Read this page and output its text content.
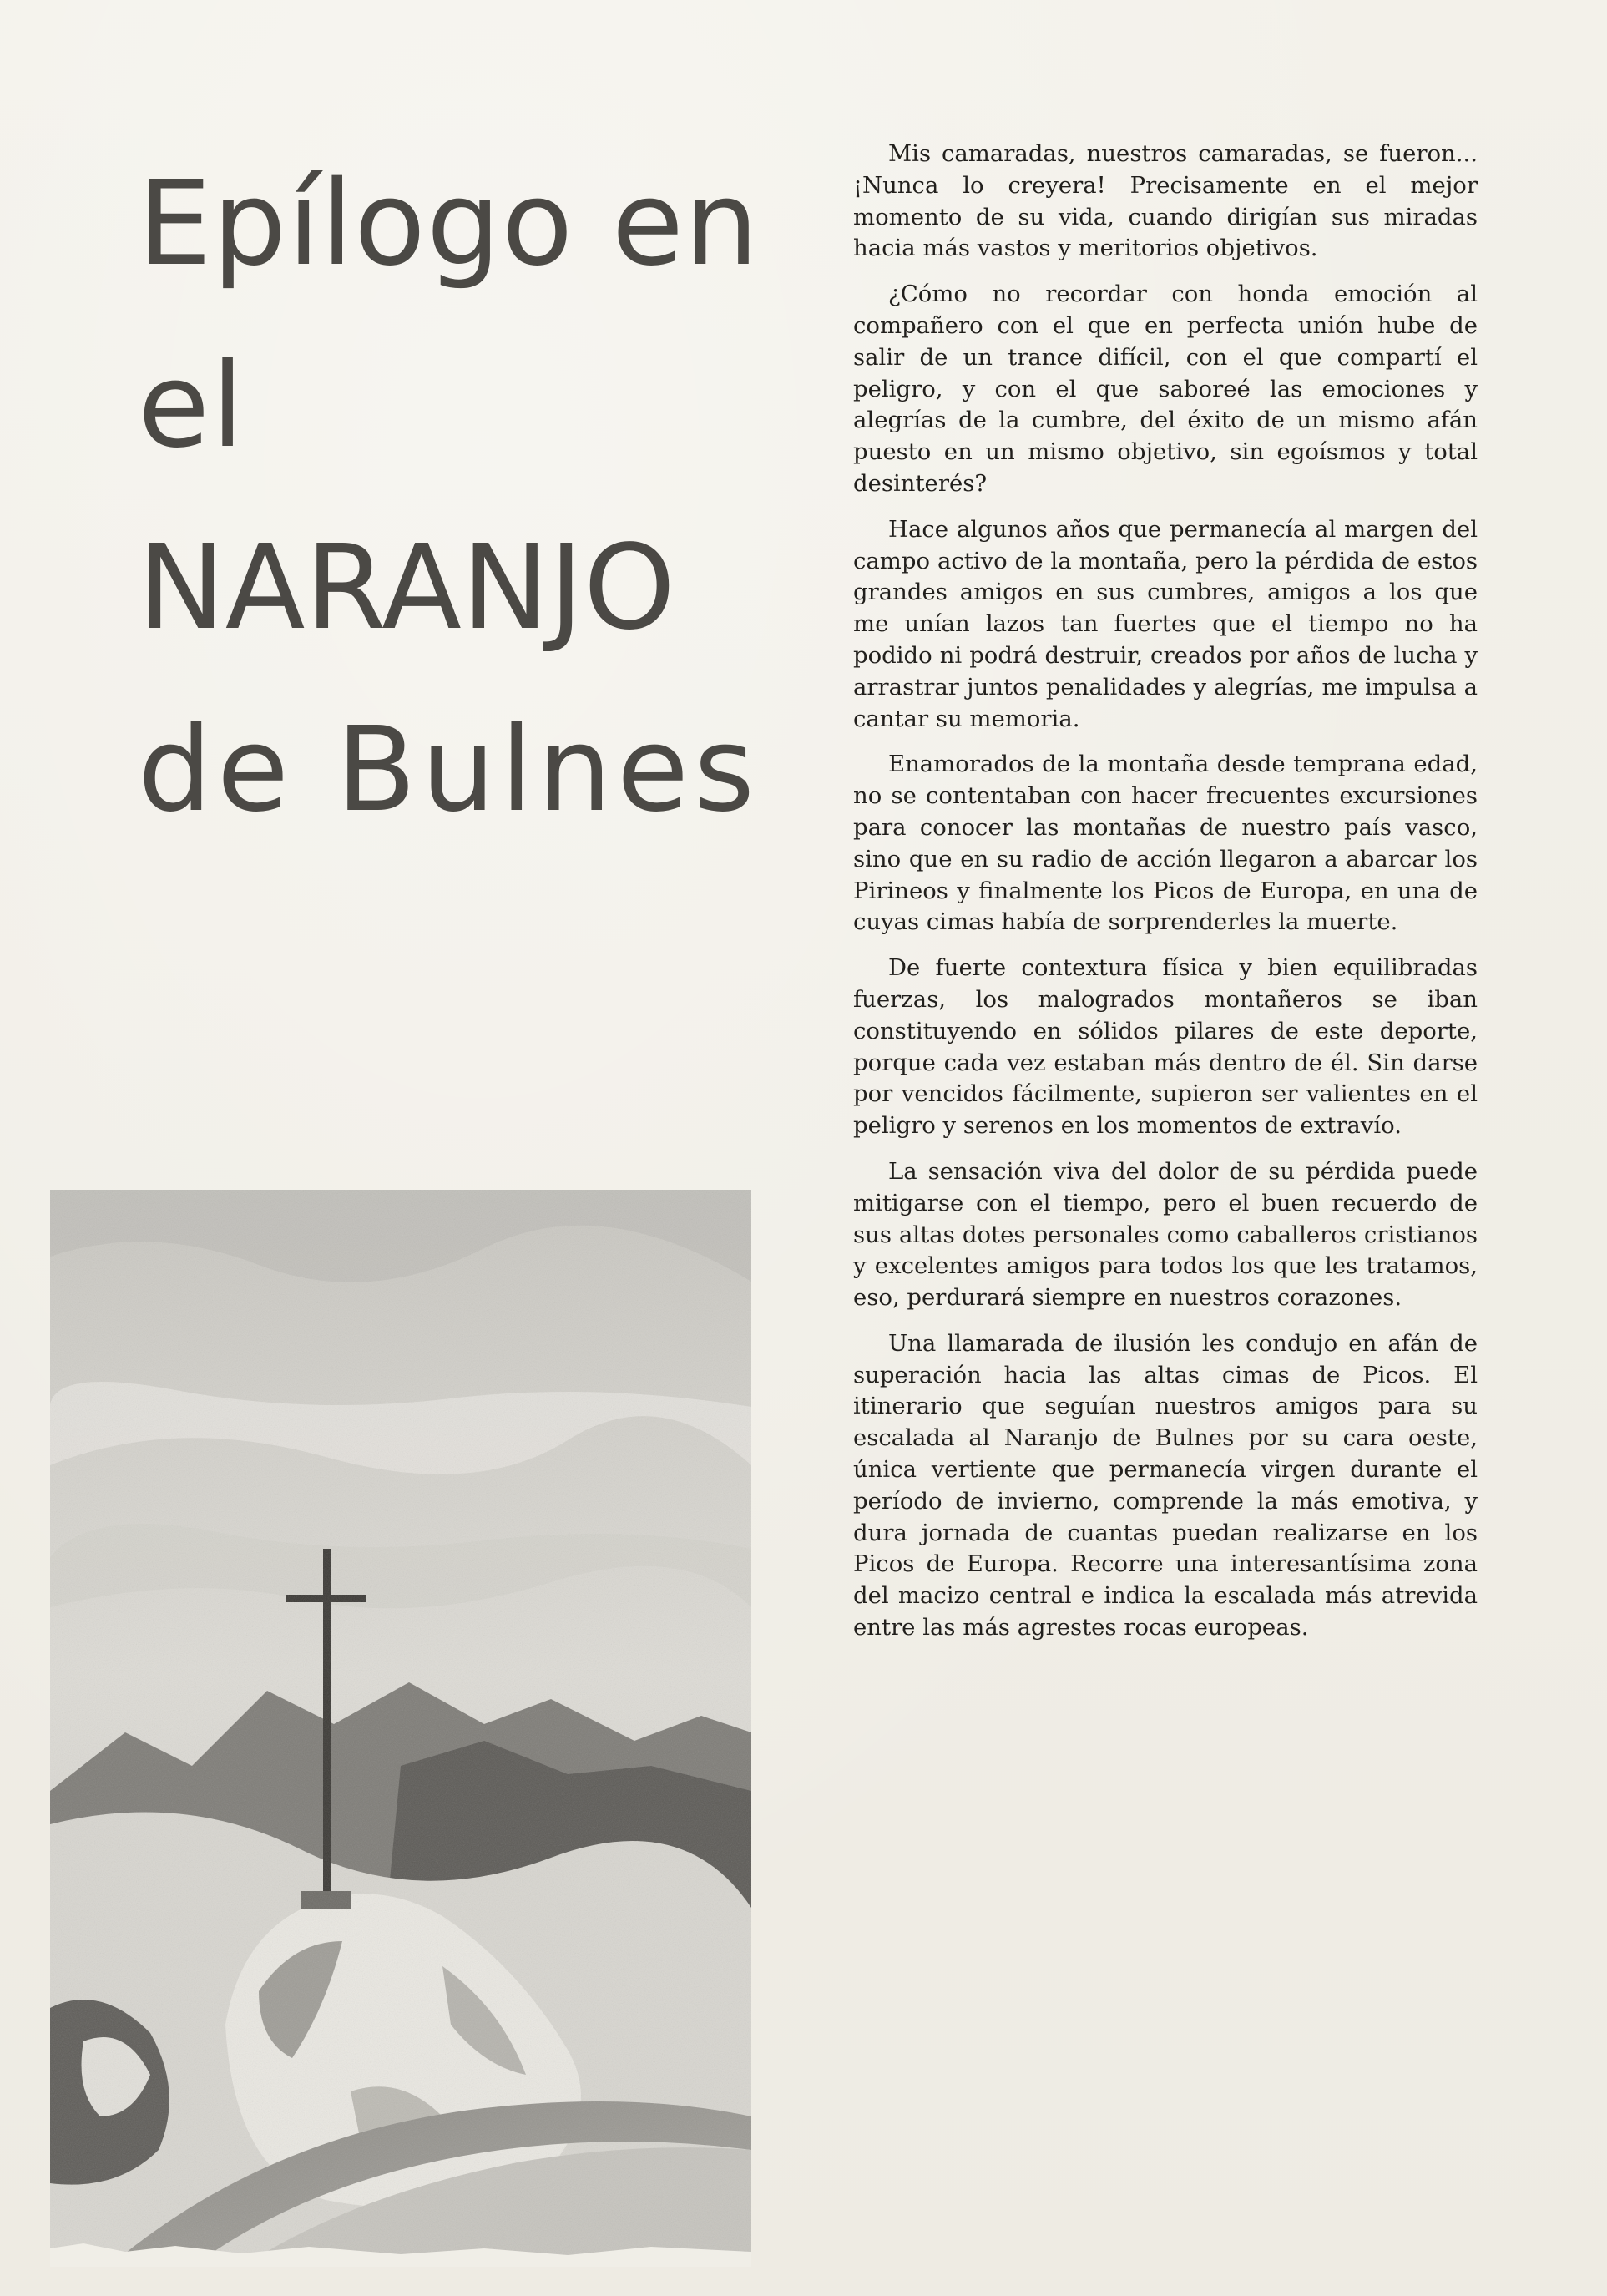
Epílogo en
el
NARANJO
de Bulnes

Mis camaradas, nuestros camaradas, se fueron... ¡Nunca lo creyera! Precisamente en el mejor momento de su vida, cuando dirigían sus miradas hacia más vastos y meritorios objetivos.

¿Cómo no recordar con honda emoción al compañero con el que en perfecta unión hube de salir de un trance difícil, con el que compartí el peligro, y con el que saboreé las emociones y alegrías de la cumbre, del éxito de un mismo afán puesto en un mismo objetivo, sin egoísmos y total desinterés?

Hace algunos años que permanecía al margen del campo activo de la montaña, pero la pérdida de estos grandes amigos en sus cumbres, amigos a los que me unían lazos tan fuertes que el tiempo no ha podido ni podrá destruir, creados por años de lucha y arrastrar juntos penalidades y alegrías, me impulsa a cantar su memoria.

Enamorados de la montaña desde temprana edad, no se contentaban con hacer frecuentes excursiones para conocer las montañas de nuestro país vasco, sino que en su radio de acción llegaron a abarcar los Pirineos y finalmente los Picos de Europa, en una de cuyas cimas había de sorprenderles la muerte.

De fuerte contextura física y bien equilibradas fuerzas, los malogrados montañeros se iban constituyendo en sólidos pilares de este deporte, porque cada vez estaban más dentro de él. Sin darse por vencidos fácilmente, supieron ser valientes en el peligro y serenos en los momentos de extravío.

La sensación viva del dolor de su pérdida puede mitigarse con el tiempo, pero el buen recuerdo de sus altas dotes personales como caballeros cristianos y excelentes amigos para todos los que les tratamos, eso, perdurará siempre en nuestros corazones.

Una llamarada de ilusión les condujo en afán de superación hacia las altas cimas de Picos. El itinerario que seguían nuestros amigos para su escalada al Naranjo de Bulnes por su cara oeste, única vertiente que permanecía virgen durante el período de invierno, comprende la más emotiva, y dura jornada de cuantas puedan realizarse en los Picos de Europa. Recorre una interesantísima zona del macizo central e indica la escalada más atrevida entre las más agrestes rocas europeas.
